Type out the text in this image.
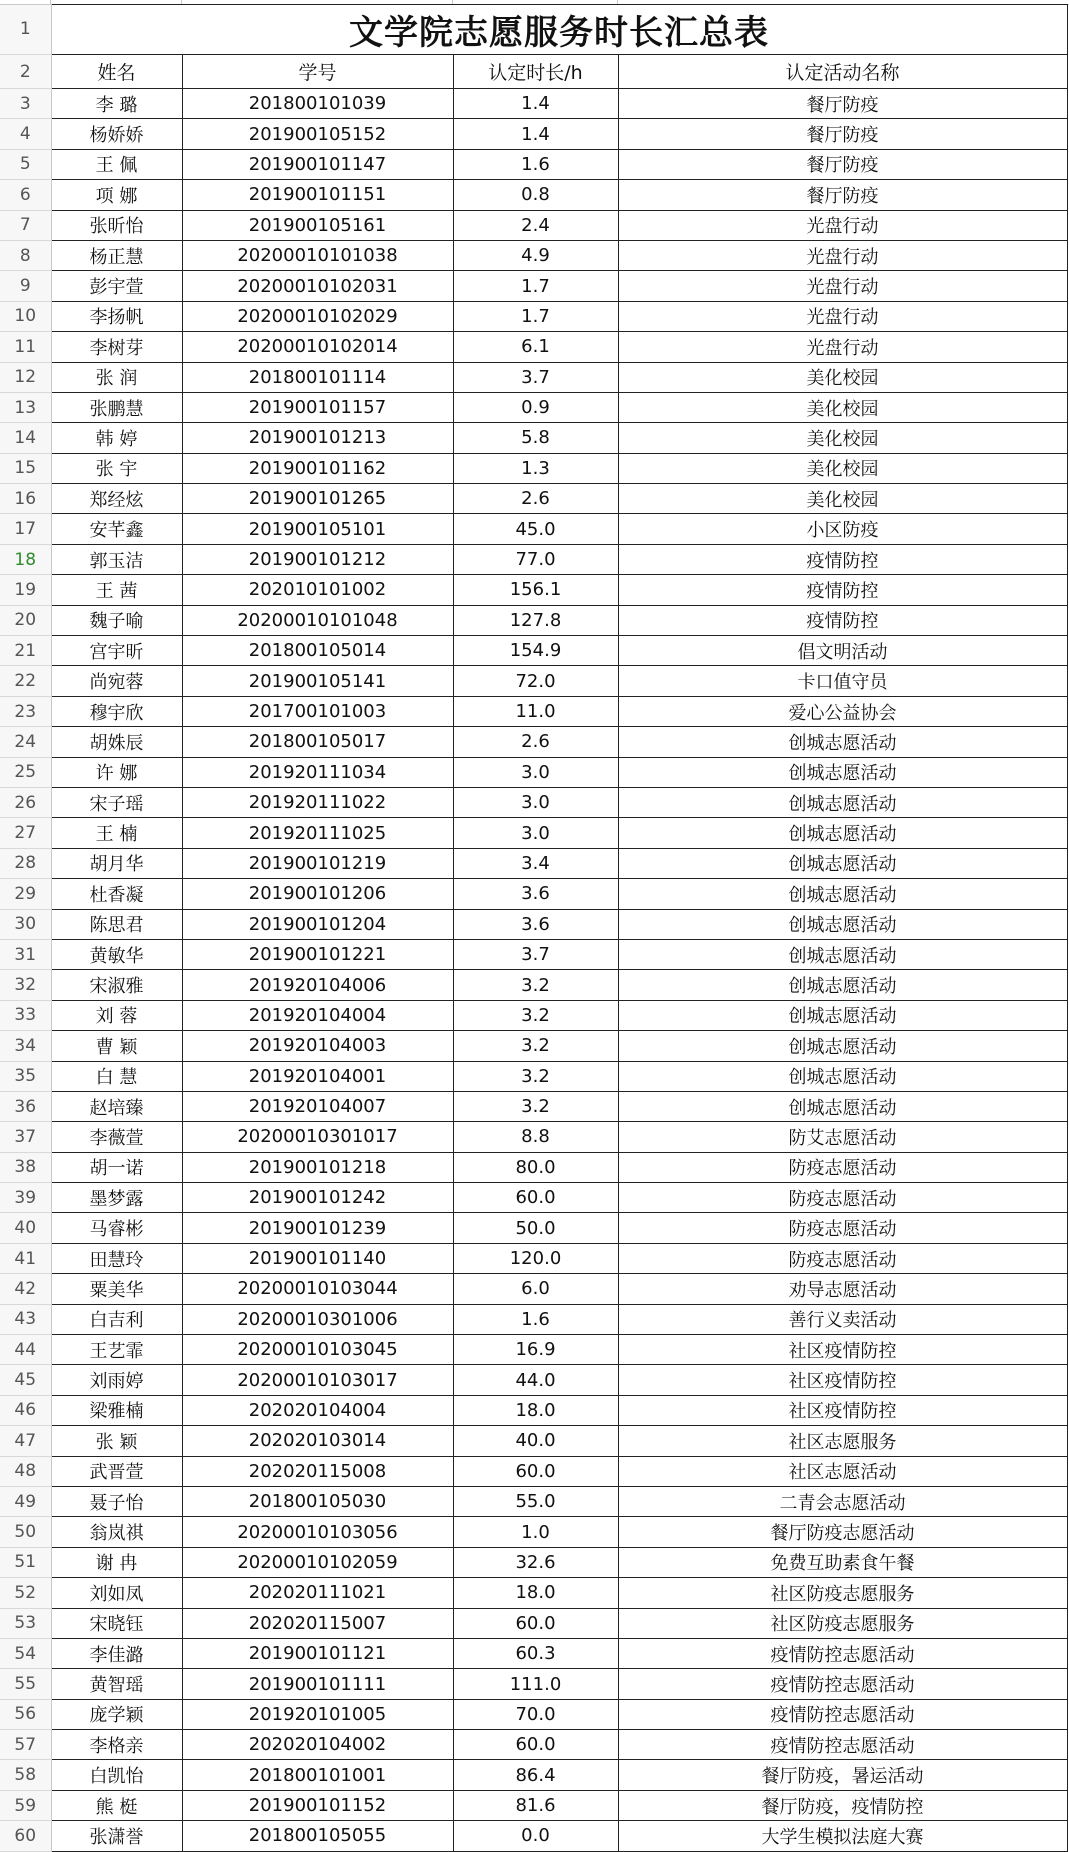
1	文学院志愿服务时长汇总表			
2	姓名	学号	认定时长/h	认定活动名称
3	李 璐	201800101039	1.4	餐厅防疫
4	杨娇娇	201900105152	1.4	餐厅防疫
5	王 佩	201900101147	1.6	餐厅防疫
6	项 娜	201900101151	0.8	餐厅防疫
7	张昕怡	201900105161	2.4	光盘行动
8	杨正慧	20200010101038	4.9	光盘行动
9	彭宇萱	20200010102031	1.7	光盘行动
10	李扬帆	20200010102029	1.7	光盘行动
11	李树芽	20200010102014	6.1	光盘行动
12	张 润	201800101114	3.7	美化校园
13	张鹏慧	201900101157	0.9	美化校园
14	韩 婷	201900101213	5.8	美化校园
15	张 宇	201900101162	1.3	美化校园
16	郑经炫	201900101265	2.6	美化校园
17	安芊鑫	201900105101	45.0	小区防疫
18	郭玉洁	201900101212	77.0	疫情防控
19	王 茜	202010101002	156.1	疫情防控
20	魏子喻	20200010101048	127.8	疫情防控
21	宫宇昕	201800105014	154.9	倡文明活动
22	尚宛蓉	201900105141	72.0	卡口值守员
23	穆宇欣	201700101003	11.0	爱心公益协会
24	胡姝辰	201800105017	2.6	创城志愿活动
25	许 娜	201920111034	3.0	创城志愿活动
26	宋子瑶	201920111022	3.0	创城志愿活动
27	王 楠	201920111025	3.0	创城志愿活动
28	胡月华	201900101219	3.4	创城志愿活动
29	杜香凝	201900101206	3.6	创城志愿活动
30	陈思君	201900101204	3.6	创城志愿活动
31	黄敏华	201900101221	3.7	创城志愿活动
32	宋淑雅	201920104006	3.2	创城志愿活动
33	刘 蓉	201920104004	3.2	创城志愿活动
34	曹 颖	201920104003	3.2	创城志愿活动
35	白 慧	201920104001	3.2	创城志愿活动
36	赵培臻	201920104007	3.2	创城志愿活动
37	李薇萱	20200010301017	8.8	防艾志愿活动
38	胡一诺	201900101218	80.0	防疫志愿活动
39	墨梦露	201900101242	60.0	防疫志愿活动
40	马睿彬	201900101239	50.0	防疫志愿活动
41	田慧玲	201900101140	120.0	防疫志愿活动
42	粟美华	20200010103044	6.0	劝导志愿活动
43	白吉利	20200010301006	1.6	善行义卖活动
44	王艺霏	20200010103045	16.9	社区疫情防控
45	刘雨婷	20200010103017	44.0	社区疫情防控
46	梁雅楠	202020104004	18.0	社区疫情防控
47	张 颖	202020103014	40.0	社区志愿服务
48	武晋萱	202020115008	60.0	社区志愿活动
49	聂子怡	201800105030	55.0	二青会志愿活动
50	翁岚祺	20200010103056	1.0	餐厅防疫志愿活动
51	谢 冉	20200010102059	32.6	免费互助素食午餐
52	刘如凤	202020111021	18.0	社区防疫志愿服务
53	宋晓钰	202020115007	60.0	社区防疫志愿服务
54	李佳潞	201900101121	60.3	疫情防控志愿活动
55	黄智瑶	201900101111	111.0	疫情防控志愿活动
56	庞学颖	201920101005	70.0	疫情防控志愿活动
57	李格亲	202020104002	60.0	疫情防控志愿活动
58	白凯怡	201800101001	86.4	餐厅防疫，暑运活动
59	熊 梃	201900101152	81.6	餐厅防疫，疫情防控
60	张潇誉	201800105055	0.0	大学生模拟法庭大赛
